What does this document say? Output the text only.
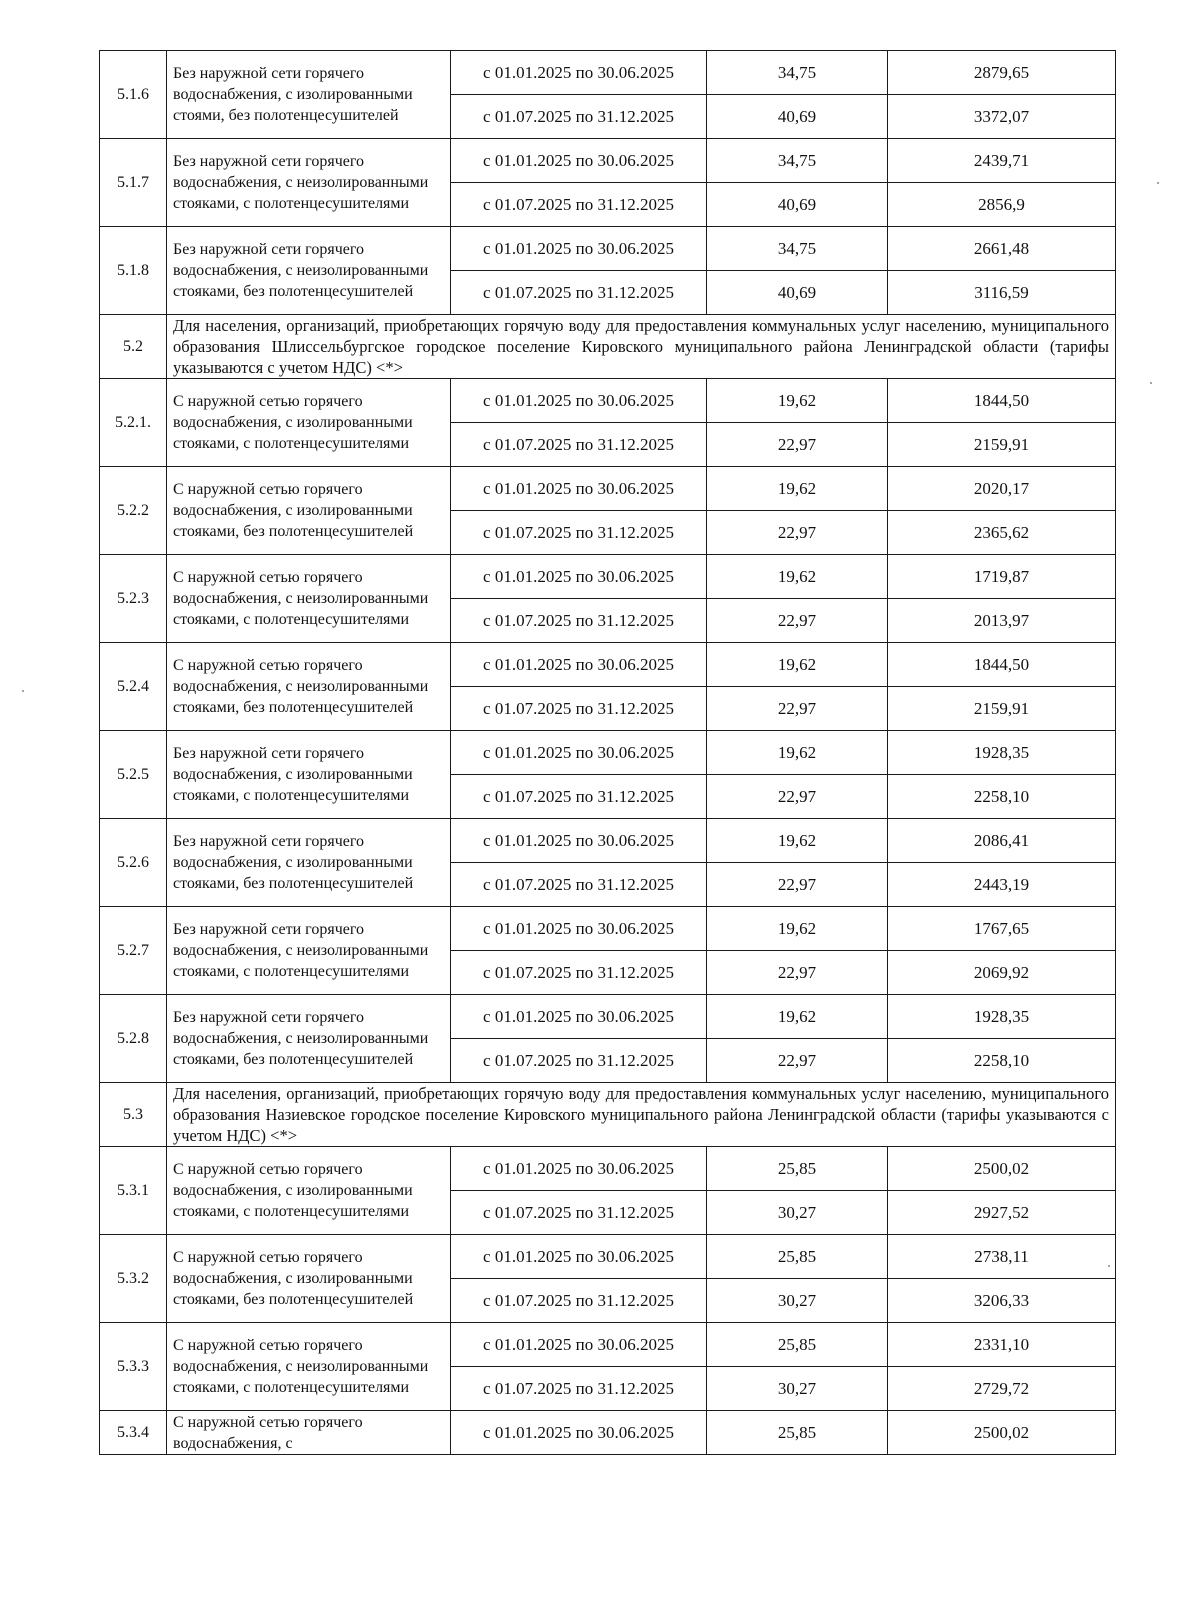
5.1.6	Без наружной сети горячего водоснабжения, с изолированными стоями, без полотенцесушителей	с 01.01.2025 по 30.06.2025	34,75	2879,65
		с 01.07.2025 по 31.12.2025	40,69	3372,07
5.1.7	Без наружной сети горячего водоснабжения, с неизолированными стояками, с полотенцесушителями	с 01.01.2025 по 30.06.2025	34,75	2439,71
		с 01.07.2025 по 31.12.2025	40,69	2856,9
5.1.8	Без наружной сети горячего водоснабжения, с неизолированными стояками, без полотенцесушителей	с 01.01.2025 по 30.06.2025	34,75	2661,48
		с 01.07.2025 по 31.12.2025	40,69	3116,59
5.2	Для населения, организаций, приобретающих горячую воду для предоставления коммунальных услуг населению, муниципального образования Шлиссельбургское городское поселение Кировского муниципального района Ленинградской области (тарифы указываются с учетом НДС) <*>			
5.2.1.	С наружной сетью горячего водоснабжения, с изолированными стояками, с полотенцесушителями	с 01.01.2025 по 30.06.2025	19,62	1844,50
		с 01.07.2025 по 31.12.2025	22,97	2159,91
5.2.2	С наружной сетью горячего водоснабжения, с изолированными стояками, без полотенцесушителей	с 01.01.2025 по 30.06.2025	19,62	2020,17
		с 01.07.2025 по 31.12.2025	22,97	2365,62
5.2.3	С наружной сетью горячего водоснабжения, с неизолированными стояками, с полотенцесушителями	с 01.01.2025 по 30.06.2025	19,62	1719,87
		с 01.07.2025 по 31.12.2025	22,97	2013,97
5.2.4	С наружной сетью горячего водоснабжения, с неизолированными стояками, без полотенцесушителей	с 01.01.2025 по 30.06.2025	19,62	1844,50
		с 01.07.2025 по 31.12.2025	22,97	2159,91
5.2.5	Без наружной сети горячего водоснабжения, с изолированными стояками, с полотенцесушителями	с 01.01.2025 по 30.06.2025	19,62	1928,35
		с 01.07.2025 по 31.12.2025	22,97	2258,10
5.2.6	Без наружной сети горячего водоснабжения, с изолированными стояками, без полотенцесушителей	с 01.01.2025 по 30.06.2025	19,62	2086,41
		с 01.07.2025 по 31.12.2025	22,97	2443,19
5.2.7	Без наружной сети горячего водоснабжения, с неизолированными стояками, с полотенцесушителями	с 01.01.2025 по 30.06.2025	19,62	1767,65
		с 01.07.2025 по 31.12.2025	22,97	2069,92
5.2.8	Без наружной сети горячего водоснабжения, с неизолированными стояками, без полотенцесушителей	с 01.01.2025 по 30.06.2025	19,62	1928,35
		с 01.07.2025 по 31.12.2025	22,97	2258,10
5.3	Для населения, организаций, приобретающих горячую воду для предоставления коммунальных услуг населению, муниципального образования Назиевское городское поселение Кировского муниципального района Ленинградской области (тарифы указываются с учетом НДС) <*>			
5.3.1	С наружной сетью горячего водоснабжения, с изолированными стояками, с полотенцесушителями	с 01.01.2025 по 30.06.2025	25,85	2500,02
		с 01.07.2025 по 31.12.2025	30,27	2927,52
5.3.2	С наружной сетью горячего водоснабжения, с изолированными стояками, без полотенцесушителей	с 01.01.2025 по 30.06.2025	25,85	2738,11
		с 01.07.2025 по 31.12.2025	30,27	3206,33
5.3.3	С наружной сетью горячего водоснабжения, с неизолированными стояками, с полотенцесушителями	с 01.01.2025 по 30.06.2025	25,85	2331,10
		с 01.07.2025 по 31.12.2025	30,27	2729,72
5.3.4	С наружной сетью горячего водоснабжения, с	с 01.01.2025 по 30.06.2025	25,85	2500,02
